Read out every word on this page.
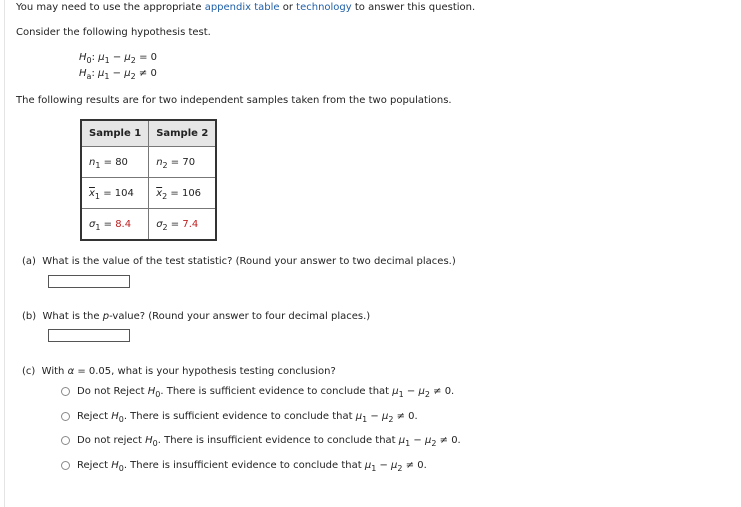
You may need to use the appropriate appendix table or technology to answer this question.
Consider the following hypothesis test.
$H_0$: $\mu_1 - \mu_2 = 0$
$H_a$: $\mu_1 - \mu_2 \ne 0$
The following results are for two independent samples taken from the two populations.
Sample 1	Sample 2
$n_1 = 80$	$n_2 = 70$
$\overline{x}_1 = 104$	$\overline{x}_2 = 106$
$\sigma_1 = 8.4$	$\sigma_2 = 7.4$
(a) What is the value of the test statistic? (Round your answer to two decimal places.)
(b) What is the p-value? (Round your answer to four decimal places.)
(c) With α = 0.05, what is your hypothesis testing conclusion?
Do not Reject $H_0$. There is sufficient evidence to conclude that $\mu_1 - \mu_2 \ne 0$.
Reject $H_0$. There is sufficient evidence to conclude that $\mu_1 - \mu_2 \ne 0$.
Do not reject $H_0$. There is insufficient evidence to conclude that $\mu_1 - \mu_2 \ne 0$.
Reject $H_0$. There is insufficient evidence to conclude that $\mu_1 - \mu_2 \ne 0$.
